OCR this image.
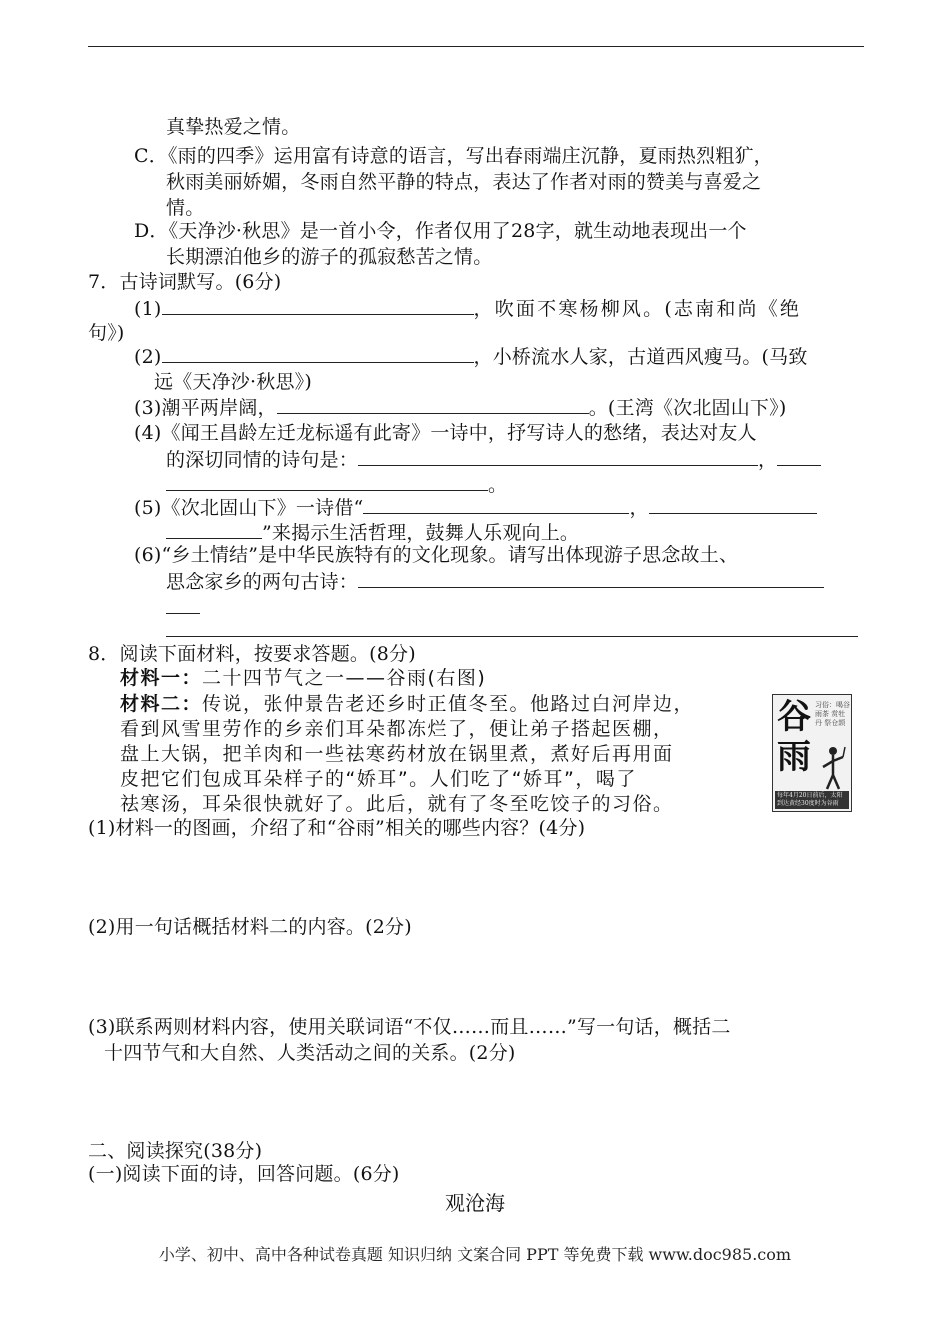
真挚热爱之情。
C．《雨的四季》运用富有诗意的语言，写出春雨端庄沉静，夏雨热烈粗犷，
秋雨美丽娇媚，冬雨自然平静的特点，表达了作者对雨的赞美与喜爱之
情。
D．《天净沙·秋思》是一首小令，作者仅用了28字，就生动地表现出一个
长期漂泊他乡的游子的孤寂愁苦之情。
7．古诗词默写。(6分)
(1)	，吹面不寒杨柳风。(志南和尚《绝
句》)
(2)	，小桥流水人家，古道西风瘦马。(马致
远《天净沙·秋思》)
(3)潮平两岸阔，	。(王湾《次北固山下》)
(4)《闻王昌龄左迁龙标遥有此寄》一诗中，抒写诗人的愁绪，表达对友人
的深切同情的诗句是：	，
。
(5)《次北固山下》一诗借“	，
”来揭示生活哲理，鼓舞人乐观向上。
(6)“乡土情结”是中华民族特有的文化现象。请写出体现游子思念故土、
思念家乡的两句古诗：
8．阅读下面材料，按要求答题。(8分)
材料一：二十四节气之一——谷雨(右图)
材料二：传说，张仲景告老还乡时正值冬至。他路过白河岸边，
看到风雪里劳作的乡亲们耳朵都冻烂了，便让弟子搭起医棚，
盘上大锅，把羊肉和一些祛寒药材放在锅里煮，煮好后再用面
皮把它们包成耳朵样子的“娇耳”。人们吃了“娇耳”，喝了
祛寒汤，耳朵很快就好了。此后，就有了冬至吃饺子的习俗。
谷
雨
习俗：喝谷雨茶 赏牡丹 祭仓颉
每年4月20日前后，太阳到达黄经30度时为谷雨
(1)材料一的图画，介绍了和“谷雨”相关的哪些内容？(4分)
(2)用一句话概括材料二的内容。(2分)
(3)联系两则材料内容，使用关联词语“不仅……而且……”写一句话，概括二
十四节气和大自然、人类活动之间的关系。(2分)
二、阅读探究(38分)
(一)阅读下面的诗，回答问题。(6分)
观沧海
小学、初中、高中各种试卷真题 知识归纳 文案合同 PPT 等免费下载 www.doc985.com
